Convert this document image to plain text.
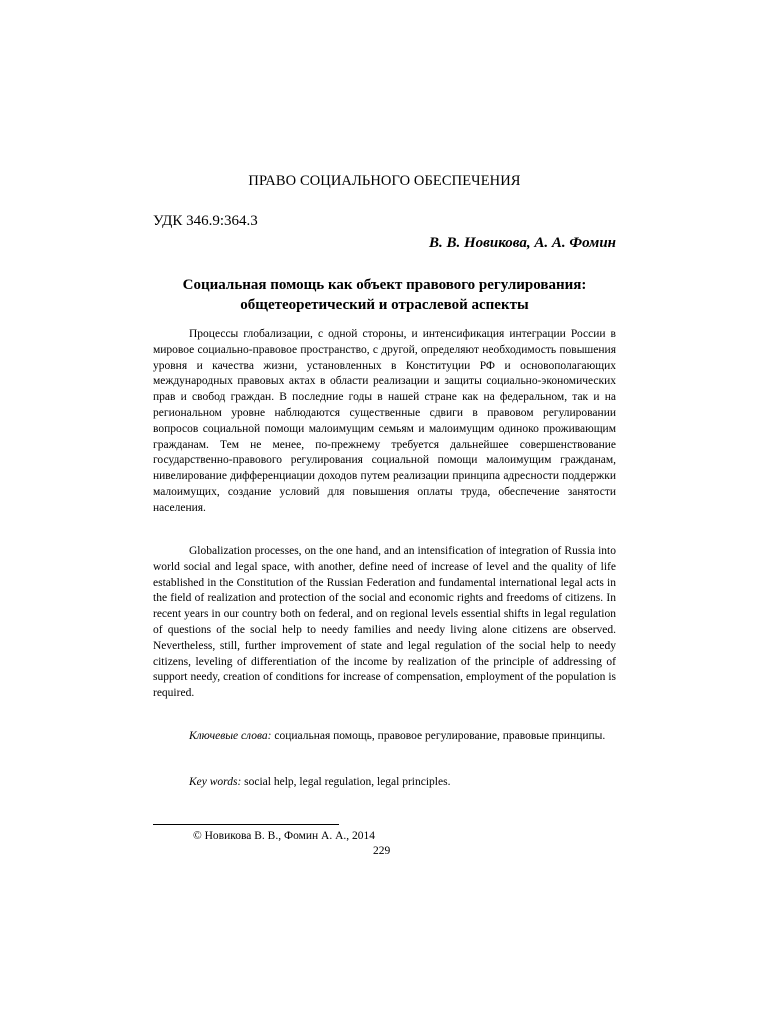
ПРАВО СОЦИАЛЬНОГО ОБЕСПЕЧЕНИЯ
УДК 346.9:364.3
В. В. Новикова, А. А. Фомин
Социальная помощь как объект правового регулирования:
общетеоретический и отраслевой аспекты
Процессы глобализации, с одной стороны, и интенсификация интеграции России в мировое социально-правовое пространство, с другой, определяют необходимость повышения уровня и качества жизни, установленных в Конституции РФ и основополагающих международных правовых актах в области реализации и защиты социально-экономических прав и свобод граждан. В последние годы в нашей стране как на федеральном, так и на региональном уровне наблюдаются существенные сдвиги в правовом регулировании вопросов социальной помощи малоимущим семьям и малоимущим одиноко проживающим гражданам. Тем не менее, по-прежнему требуется дальнейшее совершенствование государственно-правового регулирования социальной помощи малоимущим гражданам, нивелирование дифференциации доходов путем реализации принципа адресности поддержки малоимущих, создание условий для повышения оплаты труда, обеспечение занятости населения.
Globalization processes, on the one hand, and an intensification of integration of Russia into world social and legal space, with another, define need of increase of level and the quality of life established in the Constitution of the Russian Federation and fundamental international legal acts in the field of realization and protection of the social and economic rights and freedoms of citizens. In recent years in our country both on federal, and on regional levels essential shifts in legal regulation of questions of the social help to needy families and needy living alone citizens are observed. Nevertheless, still, further improvement of state and legal regulation of the social help to needy citizens, leveling of differentiation of the income by realization of the principle of addressing of support needy, creation of conditions for increase of compensation, employment of the population is required.
Ключевые слова: социальная помощь, правовое регулирование, правовые принципы.
Key words: social help, legal regulation, legal principles.
© Новикова В. В., Фомин А. А., 2014
229
